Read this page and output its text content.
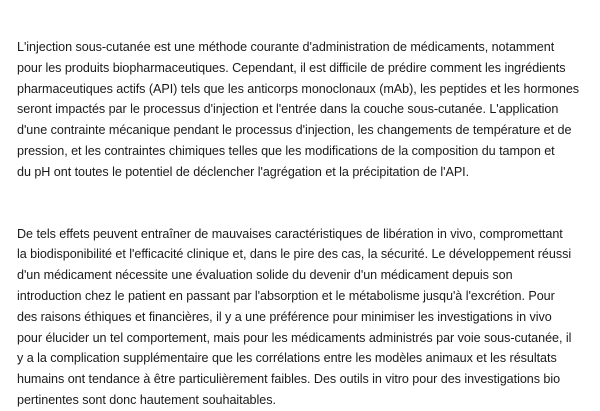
L'injection sous-cutanée est une méthode courante d'administration de médicaments, notamment
pour les produits biopharmaceutiques. Cependant, il est difficile de prédire comment les ingrédients
pharmaceutiques actifs (API) tels que les anticorps monoclonaux (mAb), les peptides et les hormones
seront impactés par le processus d'injection et l'entrée dans la couche sous-cutanée. L'application
d'une contrainte mécanique pendant le processus d'injection, les changements de température et de
pression, et les contraintes chimiques telles que les modifications de la composition du tampon et
du pH ont toutes le potentiel de déclencher l'agrégation et la précipitation de l'API.

De tels effets peuvent entraîner de mauvaises caractéristiques de libération in vivo, compromettant
la biodisponibilité et l'efficacité clinique et, dans le pire des cas, la sécurité. Le développement réussi
d'un médicament nécessite une évaluation solide du devenir d'un médicament depuis son
introduction chez le patient en passant par l'absorption et le métabolisme jusqu'à l'excrétion. Pour
des raisons éthiques et financières, il y a une préférence pour minimiser les investigations in vivo
pour élucider un tel comportement, mais pour les médicaments administrés par voie sous-cutanée, il
y a la complication supplémentaire que les corrélations entre les modèles animaux et les résultats
humains ont tendance à être particulièrement faibles. Des outils in vitro pour des investigations bio
pertinentes sont donc hautement souhaitables.
